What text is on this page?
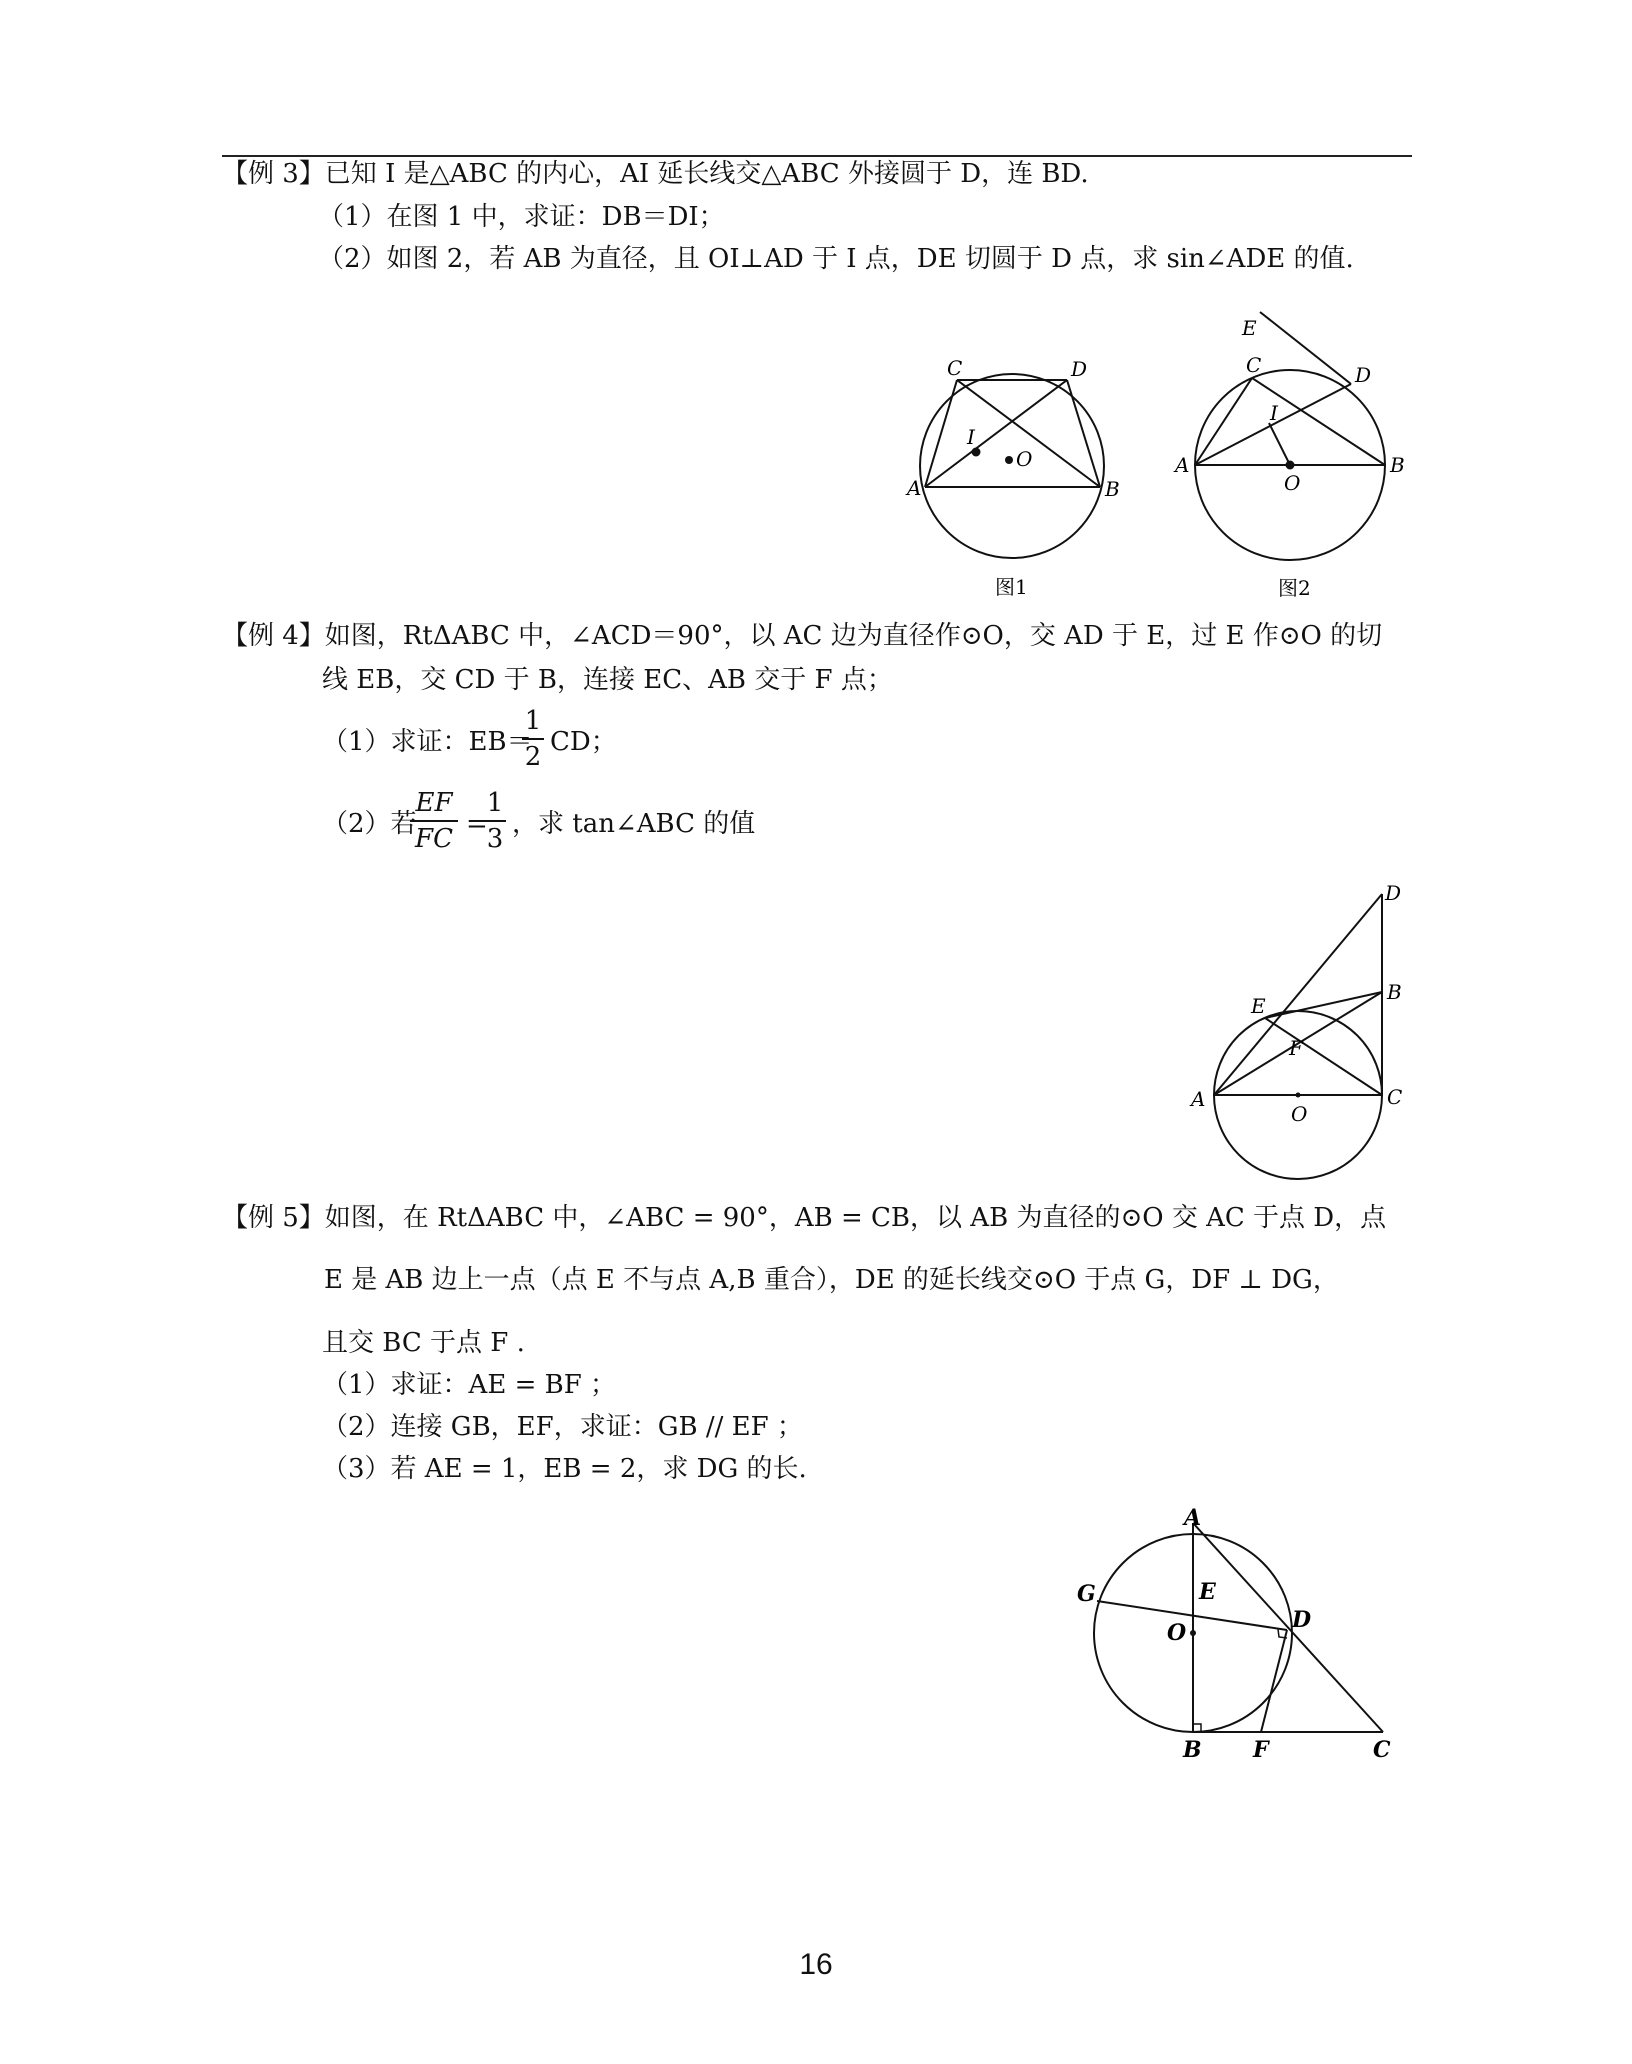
【例 3】已知 I 是△ABC 的内心，AI 延长线交△ABC 外接圆于 D，连 BD.
（1）在图 1 中，求证：DB＝DI；
（2）如图 2，若 AB 为直径，且 OI⊥AD 于 I 点，DE 切圆于 D 点，求 sin∠ADE 的值.
C	D
A	B
I
O
图1
E
C	D
I
A	B
O
图2
【例 4】如图，RtΔABC 中，∠ACD＝90°，以 AC 边为直径作⊙O，交 AD 于 E，过 E 作⊙O 的切
线 EB，交 CD 于 B，连接 EC、AB 交于 F 点；
（1）求证：EB＝
1
2 CD；
（2）若
EF
FC =
1
3 ，求 tan∠ABC 的值
D
B
E
F
A
O
C
【例 5】如图，在 RtΔABC 中，∠ABC = 90°，AB = CB，以 AB 为直径的⊙O 交 AC 于点 D，点
E 是 AB 边上一点（点 E 不与点 A,B 重合），DE 的延长线交⊙O 于点 G，DF ⊥ DG，
且交 BC 于点 F .
（1）求证：AE = BF ；
（2）连接 GB，EF，求证：GB // EF ；
（3）若 AE = 1，EB = 2，求 DG 的长.
A
G	E
D
O
B F	C
16
